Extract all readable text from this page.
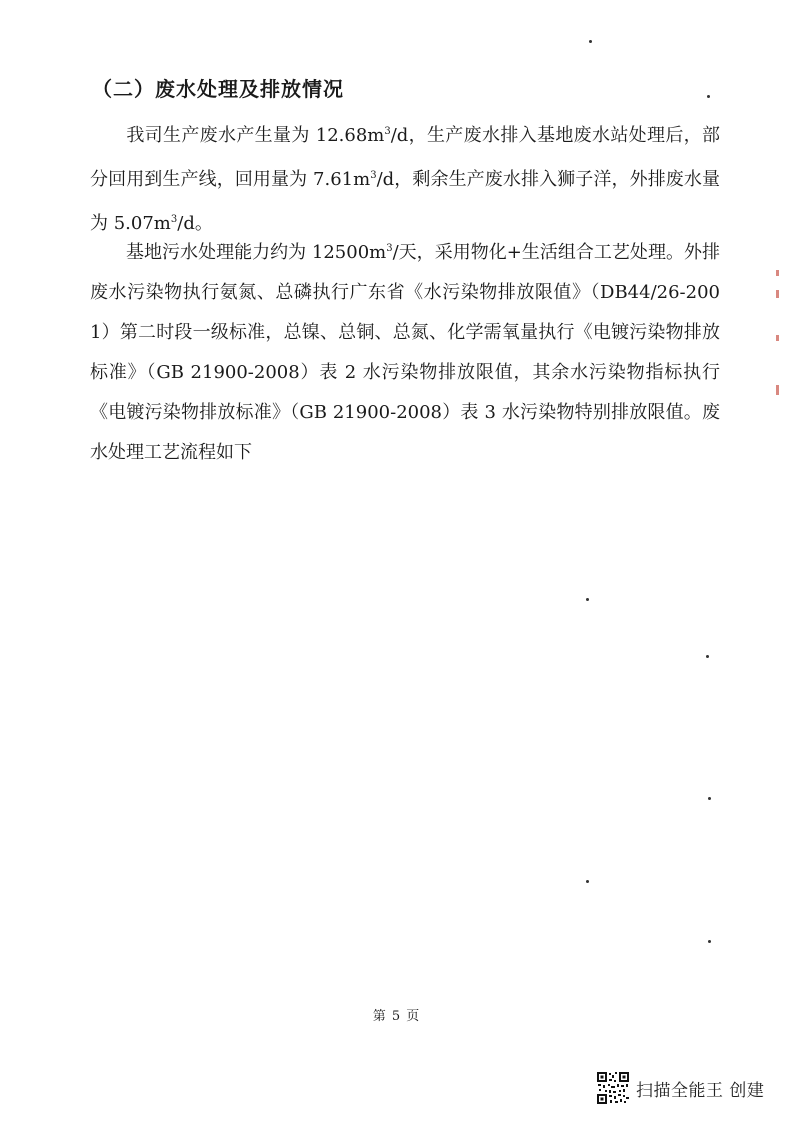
（二）废水处理及排放情况
我司生产废水产生量为 $12.68m^3/d$，生产废水排入基地废水站处理后，部分回用到生产线，回用量为 $7.61m^3/d$，剩余生产废水排入狮子洋，外排废水量为 $5.07m^3/d$。
基地污水处理能力约为 $12500m^3/$天，采用物化+生活组合工艺处理。外排废水污染物执行氨氮、总磷执行广东省《水污染物排放限值》（DB44/26-2001）第二时段一级标准，总镍、总铜、总氮、化学需氧量执行《电镀污染物排放标准》（GB 21900-2008）表 2 水污染物排放限值，其余水污染物指标执行《电镀污染物排放标准》（GB 21900-2008）表 3 水污染物特别排放限值。废水处理工艺流程如下
第 5 页
扫描全能王 创建
